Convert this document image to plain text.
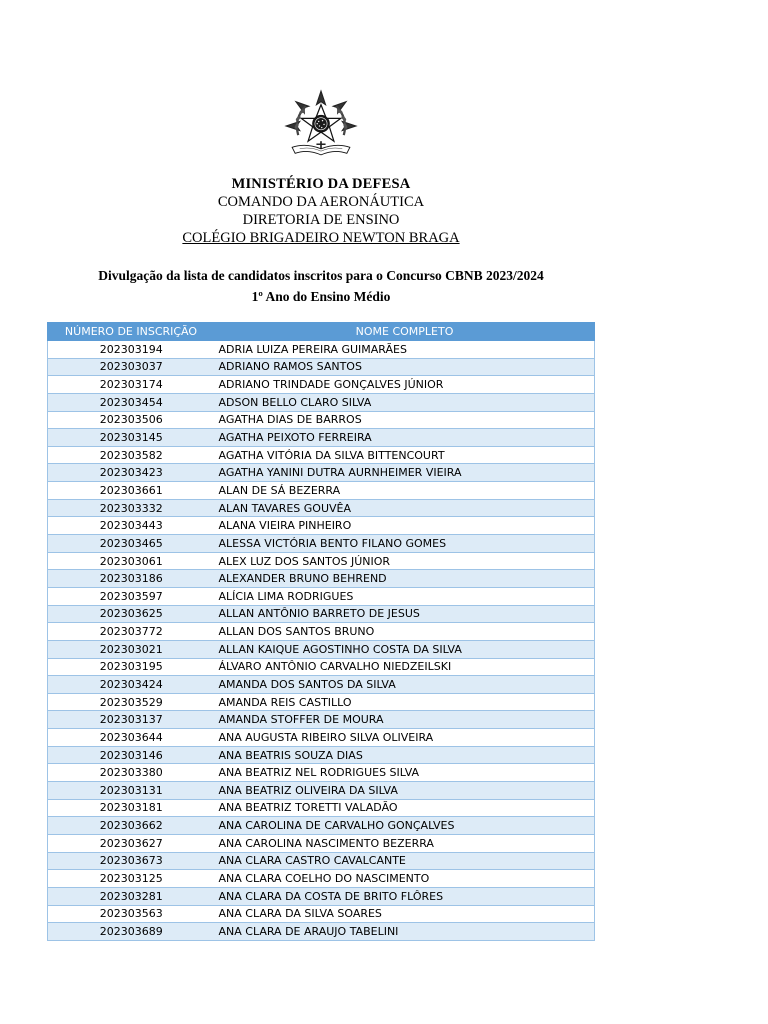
MINISTÉRIO DA DEFESA
COMANDO DA AERONÁUTICA
DIRETORIA DE ENSINO
COLÉGIO BRIGADEIRO NEWTON BRAGA
Divulgação da lista de candidatos inscritos para o Concurso CBNB 2023/2024
1º Ano do Ensino Médio
NÚMERO DE INSCRIÇÃO	NOME COMPLETO
202303194	ADRIA LUIZA PEREIRA GUIMARÃES
202303037	ADRIANO RAMOS SANTOS
202303174	ADRIANO TRINDADE GONÇALVES JÚNIOR
202303454	ADSON BELLO CLARO SILVA
202303506	AGATHA DIAS DE BARROS
202303145	AGATHA PEIXOTO FERREIRA
202303582	AGATHA VITÓRIA DA SILVA BITTENCOURT
202303423	AGATHA YANINI DUTRA AURNHEIMER VIEIRA
202303661	ALAN DE SÁ BEZERRA
202303332	ALAN TAVARES GOUVÊA
202303443	ALANA VIEIRA PINHEIRO
202303465	ALESSA VICTÓRIA BENTO FILANO GOMES
202303061	ALEX LUZ DOS SANTOS JÚNIOR
202303186	ALEXANDER BRUNO BEHREND
202303597	ALÍCIA LIMA RODRIGUES
202303625	ALLAN ANTÔNIO BARRETO DE JESUS
202303772	ALLAN DOS SANTOS BRUNO
202303021	ALLAN KAIQUE AGOSTINHO COSTA DA SILVA
202303195	ÁLVARO ANTÔNIO CARVALHO NIEDZEILSKI
202303424	AMANDA DOS SANTOS DA SILVA
202303529	AMANDA REIS CASTILLO
202303137	AMANDA STOFFER DE MOURA
202303644	ANA AUGUSTA RIBEIRO SILVA OLIVEIRA
202303146	ANA BEATRIS SOUZA DIAS
202303380	ANA BEATRIZ NEL RODRIGUES SILVA
202303131	ANA BEATRIZ OLIVEIRA DA SILVA
202303181	ANA BEATRIZ TORETTI VALADÃO
202303662	ANA CAROLINA DE CARVALHO GONÇALVES
202303627	ANA CAROLINA NASCIMENTO BEZERRA
202303673	ANA CLARA CASTRO CAVALCANTE
202303125	ANA CLARA COELHO DO NASCIMENTO
202303281	ANA CLARA DA COSTA DE BRITO FLÔRES
202303563	ANA CLARA DA SILVA SOARES
202303689	ANA CLARA DE ARAUJO TABELINI
